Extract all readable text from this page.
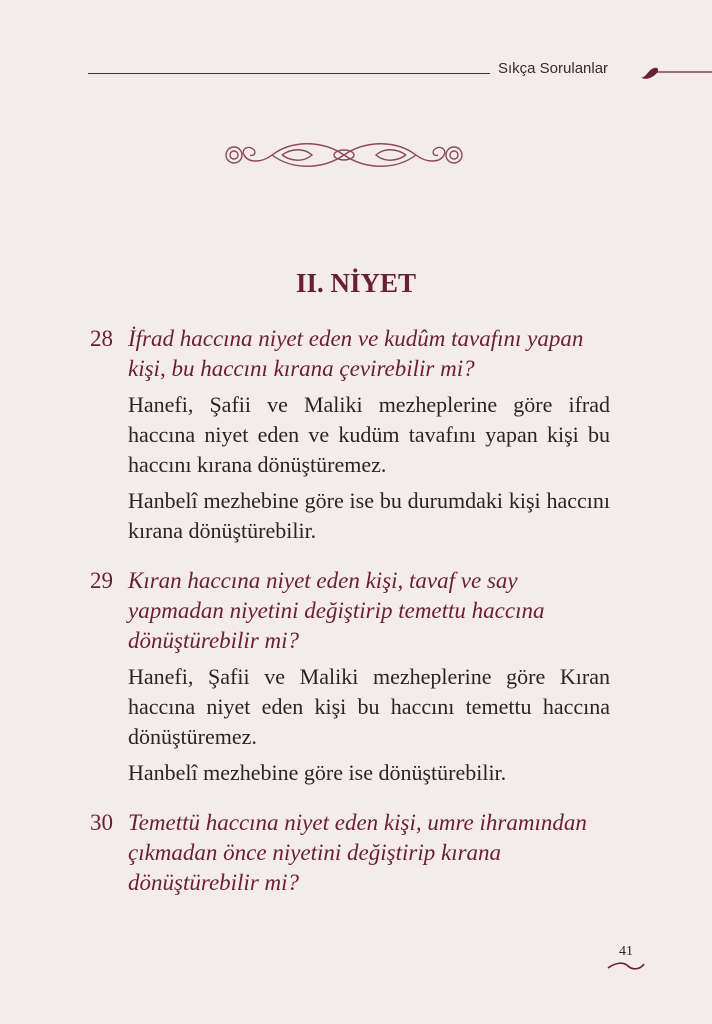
Sıkça Sorulanlar
II. NİYET
28 İfrad haccına niyet eden ve kudûm tavafını yapan kişi, bu haccını kırana çevirebilir mi?
Hanefi, Şafii ve Maliki mezheplerine göre ifrad haccına niyet eden ve kudüm tavafını yapan kişi bu haccını kırana dönüştüremez.
Hanbelî mezhebine göre ise bu durumdaki kişi haccını kırana dönüştürebilir.
29 Kıran haccına niyet eden kişi, tavaf ve say yapmadan niyetini değiştirip temettu haccına dönüştürebilir mi?
Hanefi, Şafii ve Maliki mezheplerine göre Kıran haccına niyet eden kişi bu haccını temettu haccına dönüştüremez.
Hanbelî mezhebine göre ise dönüştürebilir.
30 Temettü haccına niyet eden kişi, umre ihramından çıkmadan önce niyetini değiştirip kırana dönüştürebilir mi?
41
